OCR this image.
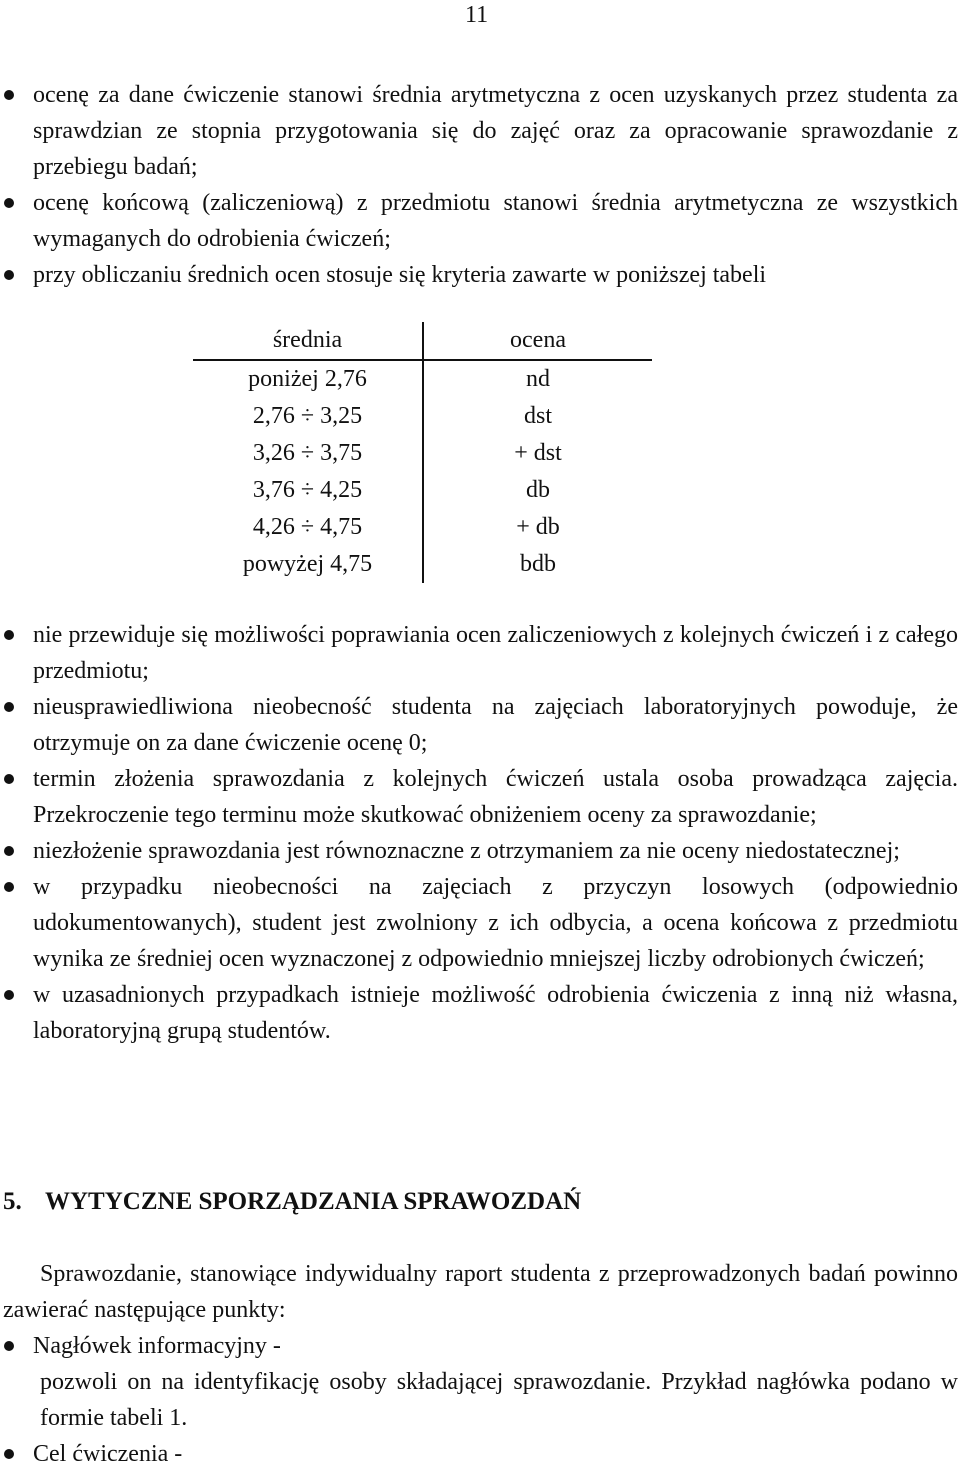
11
ocenę za dane ćwiczenie stanowi średnia arytmetyczna z ocen uzyskanych przez studenta za sprawdzian ze stopnia przygotowania się do zajęć oraz za opracowanie sprawozdanie z przebiegu badań;
ocenę końcową (zaliczeniową) z przedmiotu stanowi średnia arytmetyczna ze wszystkich wymaganych do odrobienia ćwiczeń;
przy obliczaniu średnich ocen stosuje się kryteria zawarte w poniższej tabeli
średnia	ocena
poniżej 2,76	nd
2,76 ÷ 3,25	dst
3,26 ÷ 3,75	+ dst
3,76 ÷ 4,25	db
4,26 ÷ 4,75	+ db
powyżej 4,75	bdb
nie przewiduje się możliwości poprawiania ocen zaliczeniowych z kolejnych ćwiczeń i z całego przedmiotu;
nieusprawiedliwiona nieobecność studenta na zajęciach laboratoryjnych powoduje, że otrzymuje on za dane ćwiczenie ocenę 0;
termin złożenia sprawozdania z kolejnych ćwiczeń ustala osoba prowadząca zajęcia. Przekroczenie tego terminu może skutkować obniżeniem oceny za sprawozdanie;
niezłożenie sprawozdania jest równoznaczne z otrzymaniem za nie oceny niedostatecznej;
w przypadku nieobecności na zajęciach z przyczyn losowych (odpowiednio udokumentowanych), student jest zwolniony z ich odbycia, a ocena końcowa z przedmiotu wynika ze średniej ocen wyznaczonej z odpowiednio mniejszej liczby odrobionych ćwiczeń;
w uzasadnionych przypadkach istnieje możliwość odrobienia ćwiczenia z inną niż własna, laboratoryjną grupą studentów.
5. WYTYCZNE SPORZĄDZANIA SPRAWOZDAŃ

Sprawozdanie, stanowiące indywidualny raport studenta z przeprowadzonych badań powinno zawierać następujące punkty:

Nagłówek informacyjny -

pozwoli on na identyfikację osoby składającej sprawozdanie. Przykład nagłówka podano w formie tabeli 1.

Cel ćwiczenia -
